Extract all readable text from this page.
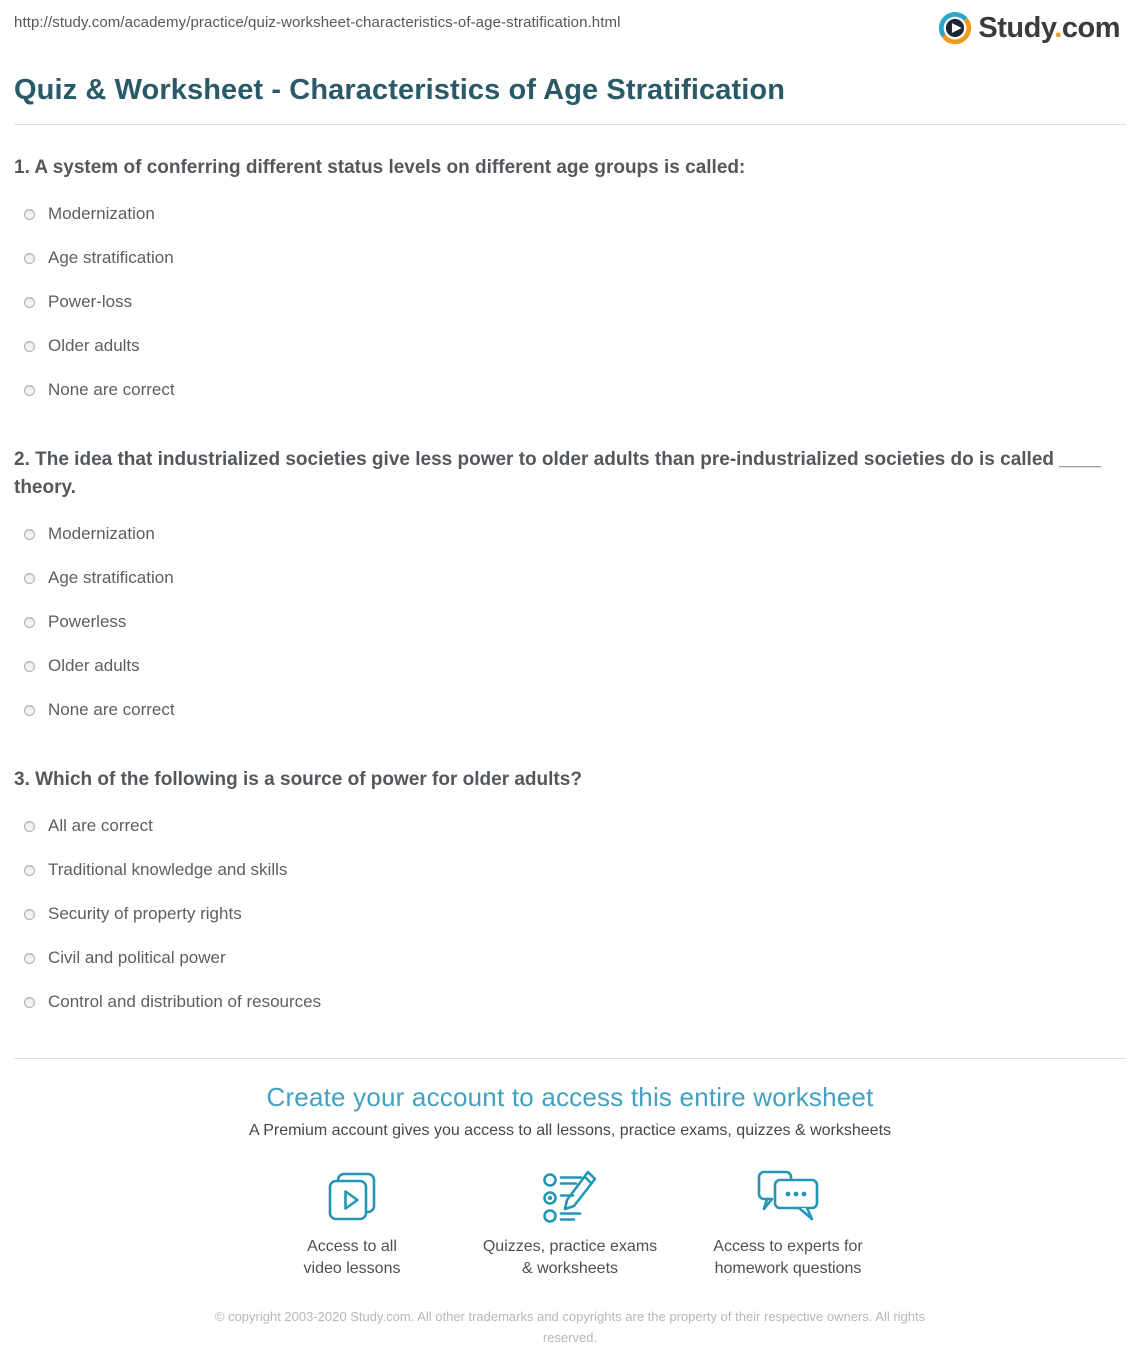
http://study.com/academy/practice/quiz-worksheet-characteristics-of-age-stratification.html	Study.com
Quiz & Worksheet - Characteristics of Age Stratification
1. A system of conferring different status levels on different age groups is called:
Modernization
Age stratification
Power-loss
Older adults
None are correct
2. The idea that industrialized societies give less power to older adults than pre-industrialized societies do is called ____ theory.
Modernization
Age stratification
Powerless
Older adults
None are correct
3. Which of the following is a source of power for older adults?
All are correct
Traditional knowledge and skills
Security of property rights
Civil and political power
Control and distribution of resources
Create your account to access this entire worksheet
A Premium account gives you access to all lessons, practice exams, quizzes & worksheets
Access to all
video lessons
Quizzes, practice exams
& worksheets
Access to experts for
homework questions
© copyright 2003-2020 Study.com. All other trademarks and copyrights are the property of their respective owners. All rights reserved.
